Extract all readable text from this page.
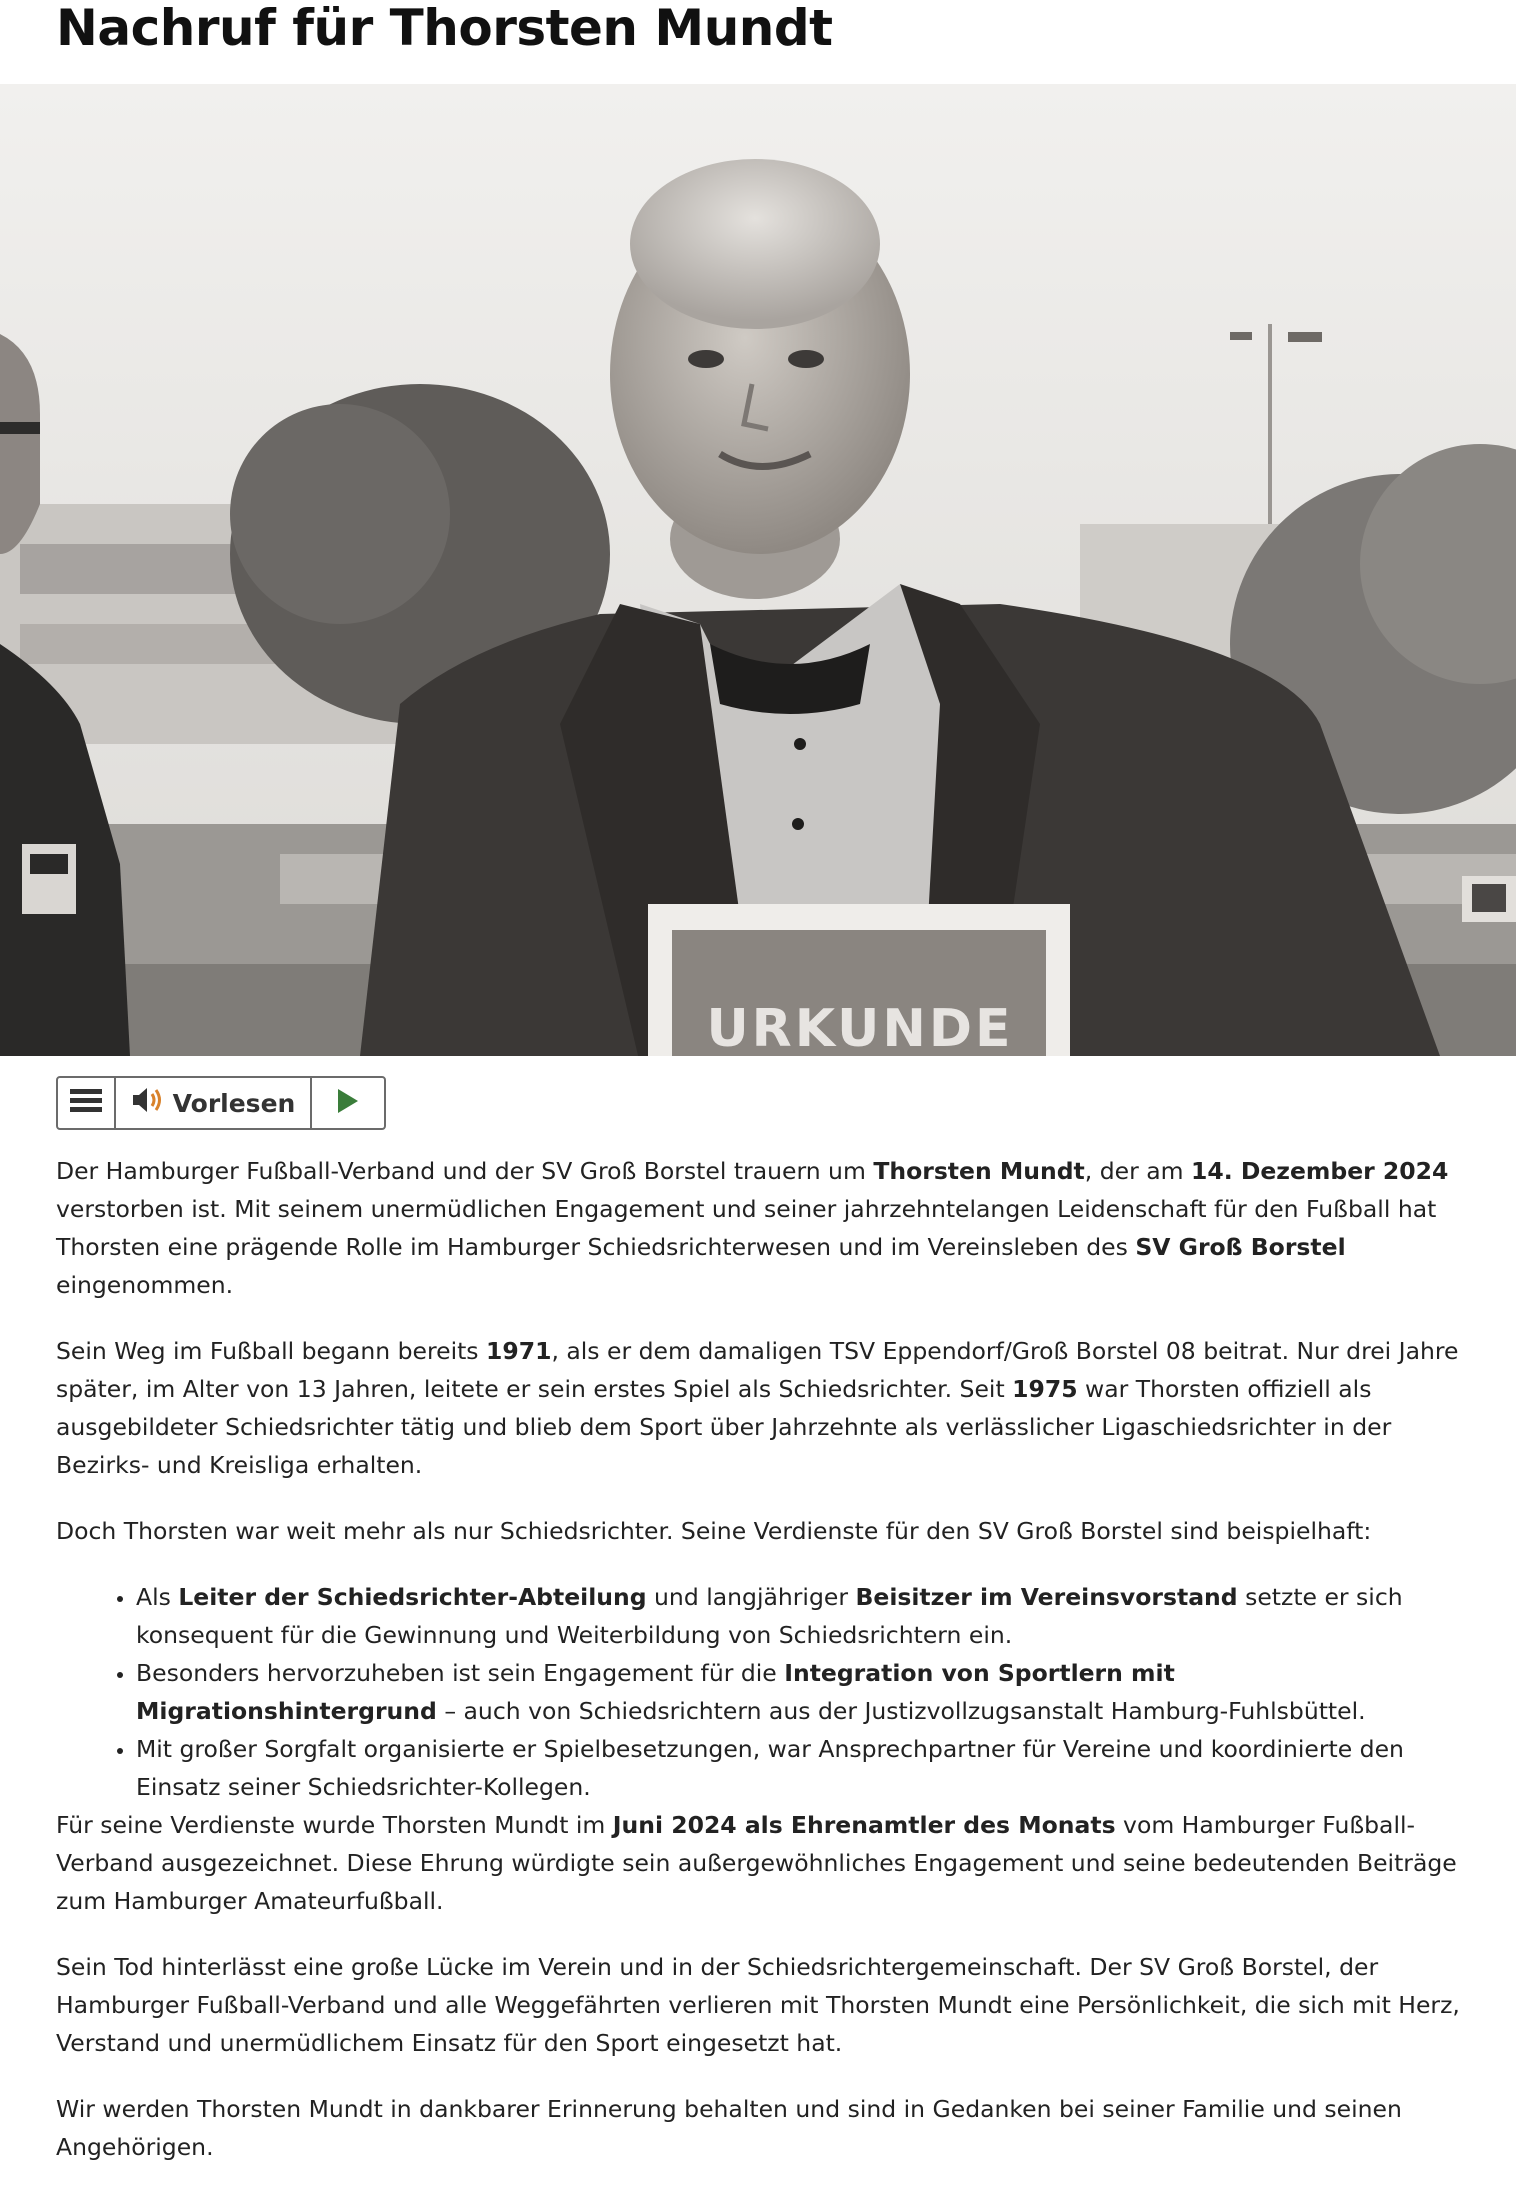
Nachruf für Thorsten Mundt
URKUNDE
Vorlesen

Der Hamburger Fußball-Verband und der SV Groß Borstel trauern um Thorsten Mundt, der am 14. Dezember 2024 verstorben ist. Mit seinem unermüdlichen Engagement und seiner jahrzehntelangen Leidenschaft für den Fußball hat Thorsten eine prägende Rolle im Hamburger Schiedsrichterwesen und im Vereinsleben des SV Groß Borstel eingenommen.

Sein Weg im Fußball begann bereits 1971, als er dem damaligen TSV Eppendorf/Groß Borstel 08 beitrat. Nur drei Jahre später, im Alter von 13 Jahren, leitete er sein erstes Spiel als Schiedsrichter. Seit 1975 war Thorsten offiziell als ausgebildeter Schiedsrichter tätig und blieb dem Sport über Jahrzehnte als verlässlicher Ligaschiedsrichter in der Bezirks- und Kreisliga erhalten.

Doch Thorsten war weit mehr als nur Schiedsrichter. Seine Verdienste für den SV Groß Borstel sind beispielhaft:

• Als Leiter der Schiedsrichter-Abteilung und langjähriger Beisitzer im Vereinsvorstand setzte er sich konsequent für die Gewinnung und Weiterbildung von Schiedsrichtern ein.
• Besonders hervorzuheben ist sein Engagement für die Integration von Sportlern mit Migrationshintergrund – auch von Schiedsrichtern aus der Justizvollzugsanstalt Hamburg-Fuhlsbüttel.
• Mit großer Sorgfalt organisierte er Spielbesetzungen, war Ansprechpartner für Vereine und koordinierte den Einsatz seiner Schiedsrichter-Kollegen.

Für seine Verdienste wurde Thorsten Mundt im Juni 2024 als Ehrenamtler des Monats vom Hamburger Fußball-Verband ausgezeichnet. Diese Ehrung würdigte sein außergewöhnliches Engagement und seine bedeutenden Beiträge zum Hamburger Amateurfußball.

Sein Tod hinterlässt eine große Lücke im Verein und in der Schiedsrichtergemeinschaft. Der SV Groß Borstel, der Hamburger Fußball-Verband und alle Weggefährten verlieren mit Thorsten Mundt eine Persönlichkeit, die sich mit Herz, Verstand und unermüdlichem Einsatz für den Sport eingesetzt hat.

Wir werden Thorsten Mundt in dankbarer Erinnerung behalten und sind in Gedanken bei seiner Familie und seinen Angehörigen.
